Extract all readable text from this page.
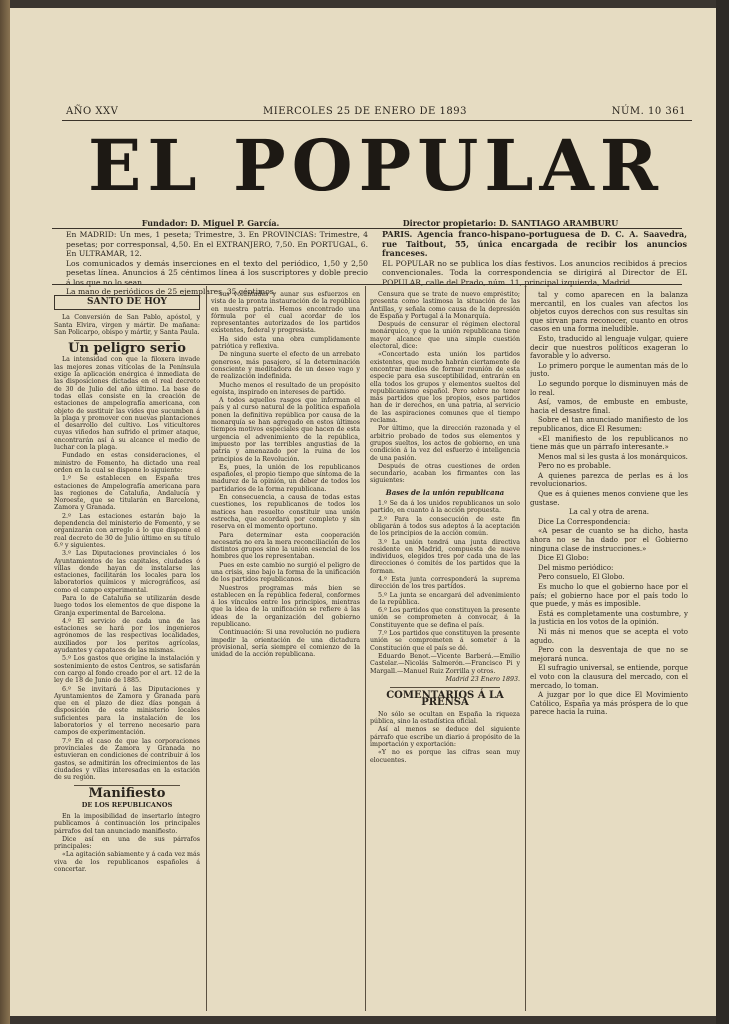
AÑO XXV	MIERCOLES 25 DE ENERO DE 1893	NÚM. 10 361
EL POPULAR
Fundador: D. Miguel P. García.	Director propietario: D. SANTIAGO ARAMBURU
En MADRID: Un mes, 1 peseta; Trimestre, 3. En PROVINCIAS: Trimestre, 4 pesetas; por corresponsal, 4,50. En el EXTRANJERO, 7,50. En PORTUGAL, 6. En ULTRAMAR, 12.
Los comunicados y demás inserciones en el texto del periódico, 1,50 y 2,50 pesetas línea. Anuncios á 25 céntimos línea á los suscriptores y doble precio á los que no lo sean.
La mano de periódicos de 25 ejemplares, 35 céntimos.
PARIS. Agencia franco-hispano-portuguesa de D. C. A. Saavedra, rue Taitbout, 55, única encargada de recibir los anuncios franceses.
EL POPULAR no se publica los días festivos. Los anuncios recibidos á precios convencionales. Toda la correspondencia se dirigirá al Director de EL POPULAR, calle del Prado, núm. 11, principal izquierda, Madrid.
SANTO DE HOY

La Conversión de San Pablo, apóstol, y Santa Elvira, virgen y mártir. De mañana: San Policarpo, obispo y mártir, y Santa Paula.

Un peligro serio

La intensidad con que la filoxera invade las mejores zonas vitícolas de la Península exige la aplicación enérgica é inmediata de las disposiciones dictadas en el real decreto de 30 de Julio del año último. La base de todas ellas consiste en la creación de estaciones de ampelografía americana, con objeto de sustituir las vides que sucumben á la plaga y promover con nuevas plantaciones el desarrollo del cultivo. Los viticultores cuyas viñedos han sufrido el primer ataque, encontrarán así á su alcance el medio de luchar con la plaga.

Fundado en estas consideraciones, el ministro de Fomento, ha dictado una real orden en la cual se dispone lo siguiente:

1.º Se establecen en España tres estaciones de Ampelografía americana para las regiones de Cataluña, Andalucía y Noroeste, que se titularán en Barcelona, Zamora y Granada.

2.º Las estaciones estarán bajo la dependencia del ministerio de Fomento, y se organizarán con arreglo á lo que dispone el real decreto de 30 de Julio último en su título 6.º y siguientes.

3.º Las Diputaciones provinciales ó los Ayuntamientos de las capitales, ciudades ó villas donde hayan de instalarse las estaciones, facilitarán los locales para los laboratorios químicos y micrográficos, así como el campo experimental.

Para lo de Cataluña se utilizarán desde luego todos los elementos de que dispone la Granja experimental de Barcelona.

4.º El servicio de cada una de las estaciones se hará por los ingenieros agrónomos de las respectivas localidades, auxiliados por los peritos agrícolas, ayudantes y capataces de las mismas.

5.º Los gastos que origine la instalación y sostenimiento de estos Centros, se satisfarán con cargo al fondo creado por el art. 12 de la ley de 18 de Junio de 1885.

6.º Se invitará á las Diputaciones y Ayuntamientos de Zamora y Granada para que en el plazo de diez días pongan á disposición de este ministerio locales suficientes para la instalación de los laboratorios y el terreno necesario para campos de experimentación.

7.º En el caso de que las corporaciones provinciales de Zamora y Granada no estuvieran en condiciones de contribuir á los gastos, se admitirán los ofrecimientos de las ciudades y villas interesadas en la estación de su región.

Manifiesto
DE LOS REPUBLICANOS

En la imposibilidad de insertarlo íntegro publicamos á continuación los principales párrafos del tan anunciado manifiesto.

Dice así en una de sus párrafos principales:

«La agitación sabiamente y á cada vez más viva de los republicanos españoles á concertar.

sus voluntades y aunar sus esfuerzos en vista de la pronta instauración de la república en nuestra patria. Hemos encontrado una fórmula por el cual acordar de los representantes autorizados de los partidos existentes, federal y progresista.

Ha sido esta una obra cumplidamente patriótica y reflexiva.

De ninguna suerte el efecto de un arrebato generoso, más pasajero, sí la determinación consciente y meditadora de un deseo vago y de realización indefinida.

Mucho menos el resultado de un propósito egoísta, inspirado en intereses de partido.

A todos aquellos rasgos que informan el país y al curso natural de la política española ponen la definitiva república por causa de la monarquía se han agregado en estos últimos tiempos motivos especiales que hacen de esta urgencia el advenimiento de la república, impuesto por las terribles angustias de la patria y amenazado por la ruina de los principios de la Revolución.

Es, pues, la unión de los republicanos españoles, el propio tiempo que síntoma de la madurez de la opinión, un deber de todos los partidarios de la forma republicana.

En consecuencia, a causa de todas estas cuestiones, los republicanos de todos los matices han resuelto constituir una unión estrecha, que acordará por completo y sin reserva en el momento oportuno.

Para determinar esta cooperación necesaria no era la mera reconciliación de los distintos grupos sino la unión esencial de los hombres que los representaban.

Pues en este cambio no surgió el peligro de una crisis, sino bajo la forma de la unificación de los partidos republicanos.

Nuestros programas más bien se establecen en la república federal, conformes á los vínculos entre los principios, mientras que la idea de la unificación se refiere á las ideas de la organización del gobierno republicano.

Continuación: Si una revolución no pudiera impedir la orientación de una dictadura provisional, sería siempre el comienzo de la unidad de la acción republicana.

Censura que se trate de nuevo empréstito; presenta como lastimosa la situación de las Antillas, y señala como causa de la depresión de España y Portugal á la Monarquía.

Después de censurar el régimen electoral monárquico, y que la unión republicana tiene mayor alcance que una simple cuestión electoral, dice:

«Concertado esta unión los partidos existentes, que mucho habrán ciertamente de encontrar medios de formar reunión de esta especie para esa susceptibilidad, entrarán en ella todos los grupos y elementos sueltos del republicanismo español. Pero sobre no tener más partidos que los propios, esos partidos han de ir derechos, en una patria, al servicio de las aspiraciones comunes que el tiempo reclama.

Por último, que la dirección razonada y el arbitrio probado de todos sus elementos y grupos sueltos, los actos de gobierno, en una condición á la vez del esfuerzo é inteligencia de una pasión.

Después de otras cuestiones de orden secundario, acaban los firmantes con las siguientes:

Bases de la unión republicana

1.º Se da á los unidos republicanos un solo partido, en cuanto á la acción propuesta.

2.º Para la consecución de este fin obligarán á todos sus adeptos á la aceptación de los principios de la acción común.

3.º La unión tendrá una junta directiva residente en Madrid, compuesta de nueve individuos, elegidos tres por cada una de las direcciones ó comités de los partidos que la forman.

4.º Esta junta corresponderá la suprema dirección de los tres partidos.

5.º La junta se encargará del advenimiento de la república.

6.º Los partidos que constituyen la presente unión se comprometen á convocar, á la Constituyente que se defina el país.

7.º Los partidos que constituyen la presente unión se comprometen á someter á la Constitución que el país se dé.

Eduardo Benot.—Vicente Barberá.—Emilio Castelar.—Nicolás Salmerón.—Francisco Pi y Margall.—Manuel Ruiz Zorrilla y otros.

Madrid 23 Enero 1893.

COMENTARIOS Á LA PRENSA

No sólo se ocultan en España la riqueza pública, sino la estadística oficial.

Así al menos se deduce del siguiente párrafo que escribe un diario á propósito de la importación y exportación:

«Y no es porque las cifras sean muy elocuentes.

tal y como aparecen en la balanza mercantil, en los cuales van afectos los objetos cuyos derechos con sus resultas sin que sirvan para reconocer, cuanto en otros casos en una forma ineludible.

Esto, traducido al lenguaje vulgar, quiere decir que nuestros políticos exageran lo favorable y lo adverso.

Lo primero porque le aumentan más de lo justo.

Lo segundo porque lo disminuyen más de lo real.

Así, vamos, de embuste en embuste, hacia el desastre final.

Sobre el tan anunciado manifiesto de los republicanos, dice El Resumen:

«El manifiesto de los republicanos no tiene más que un párrafo interesante.»

Menos mal si les gusta á los monárquicos.

Pero no es probable.

A quienes parezca de perlas es á los revolucionarios.

Que es á quienes menos conviene que les gustase.

La cal y otra de arena.

Dice La Correspondencia:

«A pesar de cuanto se ha dicho, hasta ahora no se ha dado por el Gobierno ninguna clase de instrucciones.»

Dice El Globo:

Del mismo periódico:

Pero consuelo, El Globo.

Es mucho lo que el gobierno hace por el país; el gobierno hace por el país todo lo que puede, y más es imposible.

Está es completamente una costumbre, y la justicia en los votos de la opinión.

Ni más ni menos que se acepta el voto agudo.

Pero con la desventaja de que no se mejorará nunca.

El sufragio universal, se entiende, porque el voto con la clausura del mercado, con el mercado, lo toman.

A juzgar por lo que dice El Movimiento Católico, España ya más próspera de lo que parece hacia la ruina.
